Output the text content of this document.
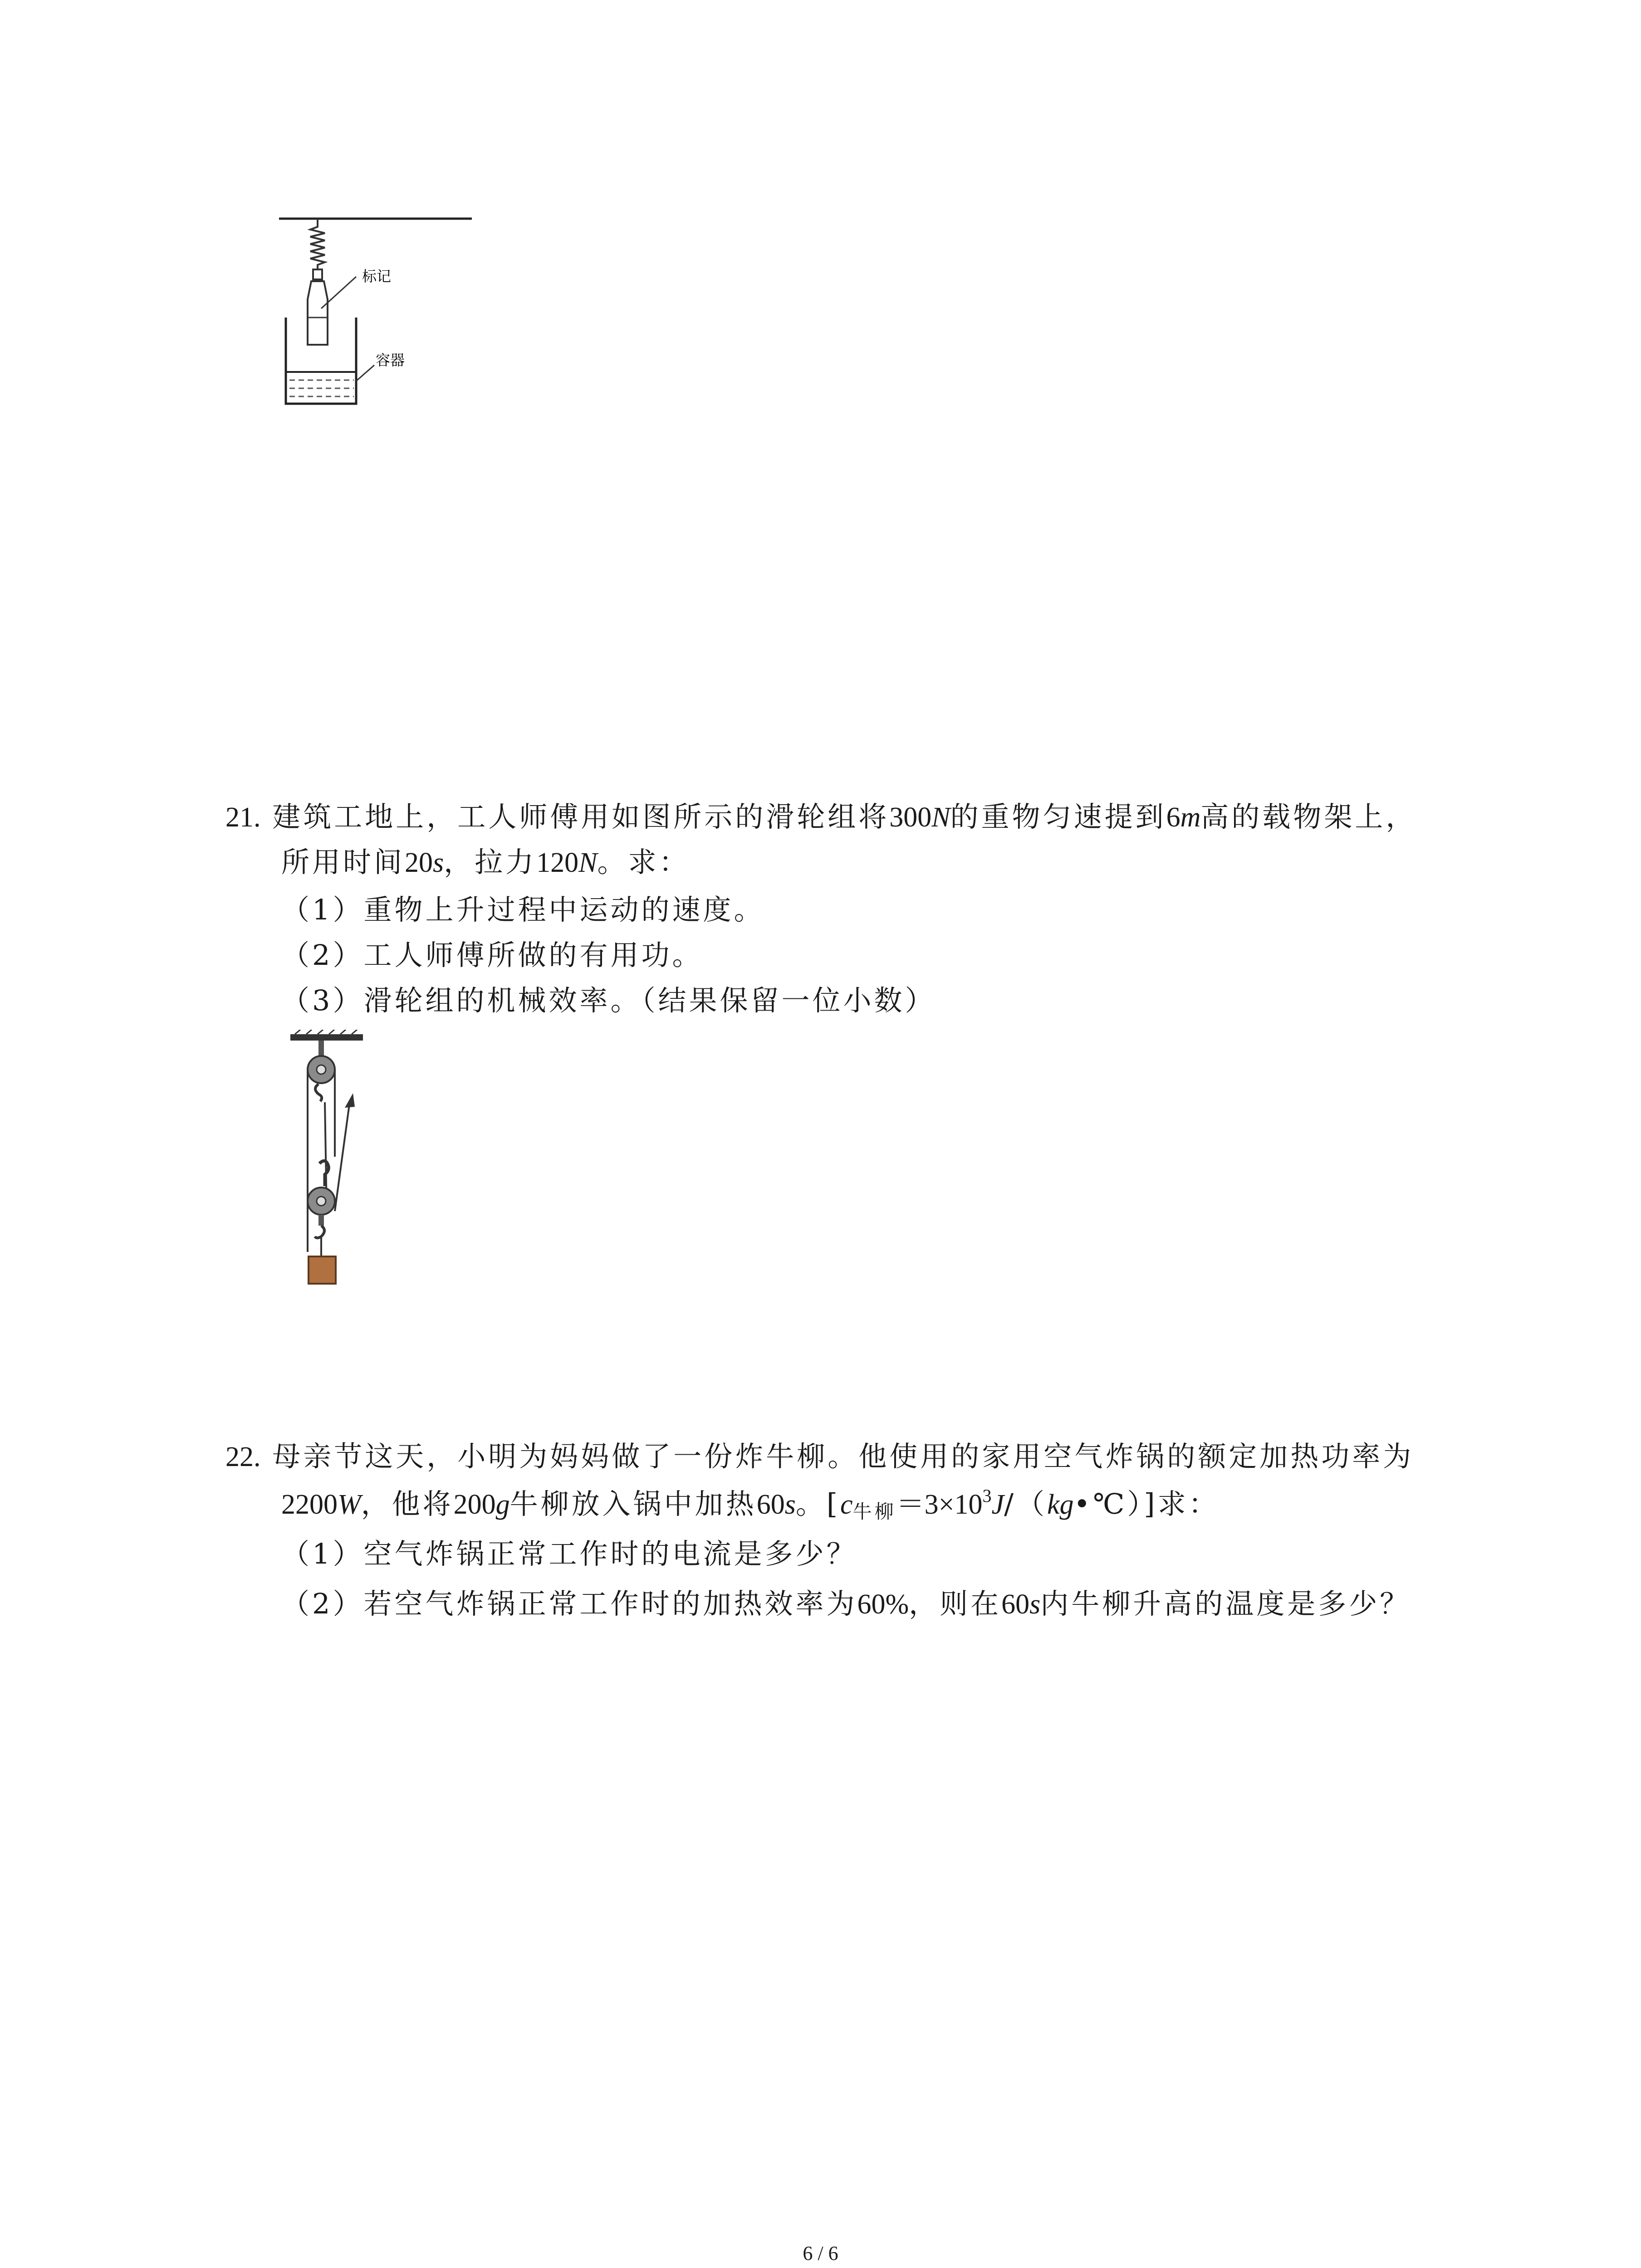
标记
容器
21. 建筑工地上，工人师傅用如图所示的滑轮组将300N的重物匀速提到6m高的载物架上，
所用时间20s，拉力120N。求：
（1）重物上升过程中运动的速度。
（2）工人师傅所做的有用功。
（3）滑轮组的机械效率。（结果保留一位小数）
22. 母亲节这天，小明为妈妈做了一份炸牛柳。他使用的家用空气炸锅的额定加热功率为
2200W，他将200g牛柳放入锅中加热60s。[c牛柳$=3\times 10^3J/(kg•℃)$]求：
（1）空气炸锅正常工作时的电流是多少？
（2）若空气炸锅正常工作时的加热效率为60%，则在60s内牛柳升高的温度是多少？
6 / 6
